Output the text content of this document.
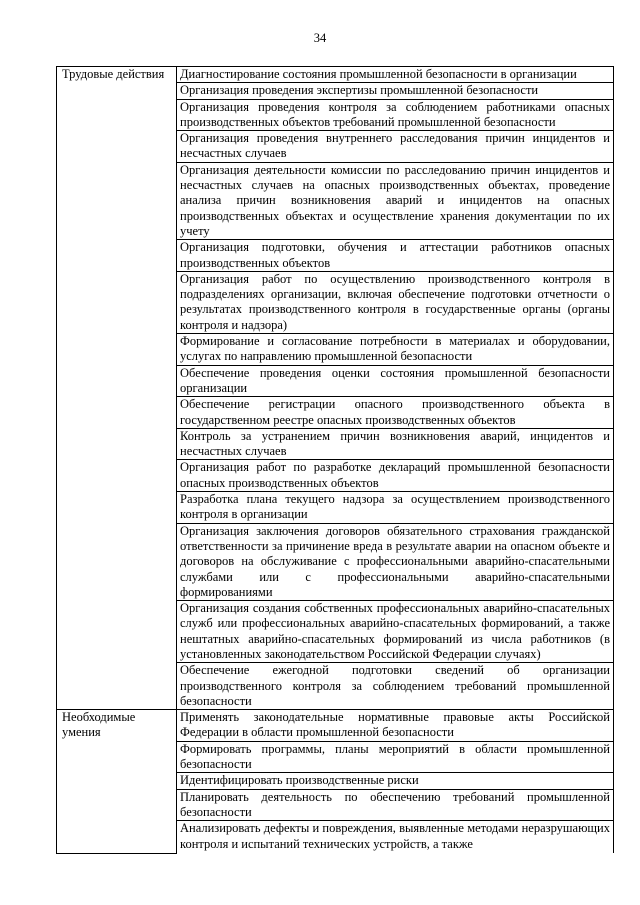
34
Трудовые действия	Диагностирование состояния промышленной безопасности в организации

	Организация проведения экспертизы промышленной безопасности

	Организация проведения контроля за соблюдением работниками опасных производственных объектов требований промышленной безопасности

	Организация проведения внутреннего расследования причин инцидентов и несчастных случаев

	Организация деятельности комиссии по расследованию причин инцидентов и несчастных случаев на опасных производственных объектах, проведение анализа причин возникновения аварий и инцидентов на опасных производственных объектах и осуществление хранения документации по их учету

	Организация подготовки, обучения и аттестации работников опасных производственных объектов

	Организация работ по осуществлению производственного контроля в подразделениях организации, включая обеспечение подготовки отчетности о результатах производственного контроля в государственные органы (органы контроля и надзора)

	Формирование и согласование потребности в материалах и оборудовании, услугах по направлению промышленной безопасности

	Обеспечение проведения оценки состояния промышленной безопасности организации

	Обеспечение регистрации опасного производственного объекта в государственном реестре опасных производственных объектов

	Контроль за устранением причин возникновения аварий, инцидентов и несчастных случаев

	Организация работ по разработке деклараций промышленной безопасности опасных производственных объектов

	Разработка плана текущего надзора за осуществлением производственного контроля в организации

	Организация заключения договоров обязательного страхования гражданской ответственности за причинение вреда в результате аварии на опасном объекте и договоров на обслуживание с профессиональными аварийно-спасательными службами или с профессиональными аварийно-спасательными формированиями

	Организация создания собственных профессиональных аварийно-спасательных служб или профессиональных аварийно-спасательных формирований, а также нештатных аварийно-спасательных формирований из числа работников (в установленных законодательством Российской Федерации случаях)

	Обеспечение ежегодной подготовки сведений об организации производственного контроля за соблюдением требований промышленной безопасности

Необходимые умения	Применять законодательные нормативные правовые акты Российской Федерации в области промышленной безопасности

	Формировать программы, планы мероприятий в области промышленной безопасности

	Идентифицировать производственные риски

	Планировать деятельность по обеспечению требований промышленной безопасности

	Анализировать дефекты и повреждения, выявленные методами неразрушающих контроля и испытаний технических устройств, а также
